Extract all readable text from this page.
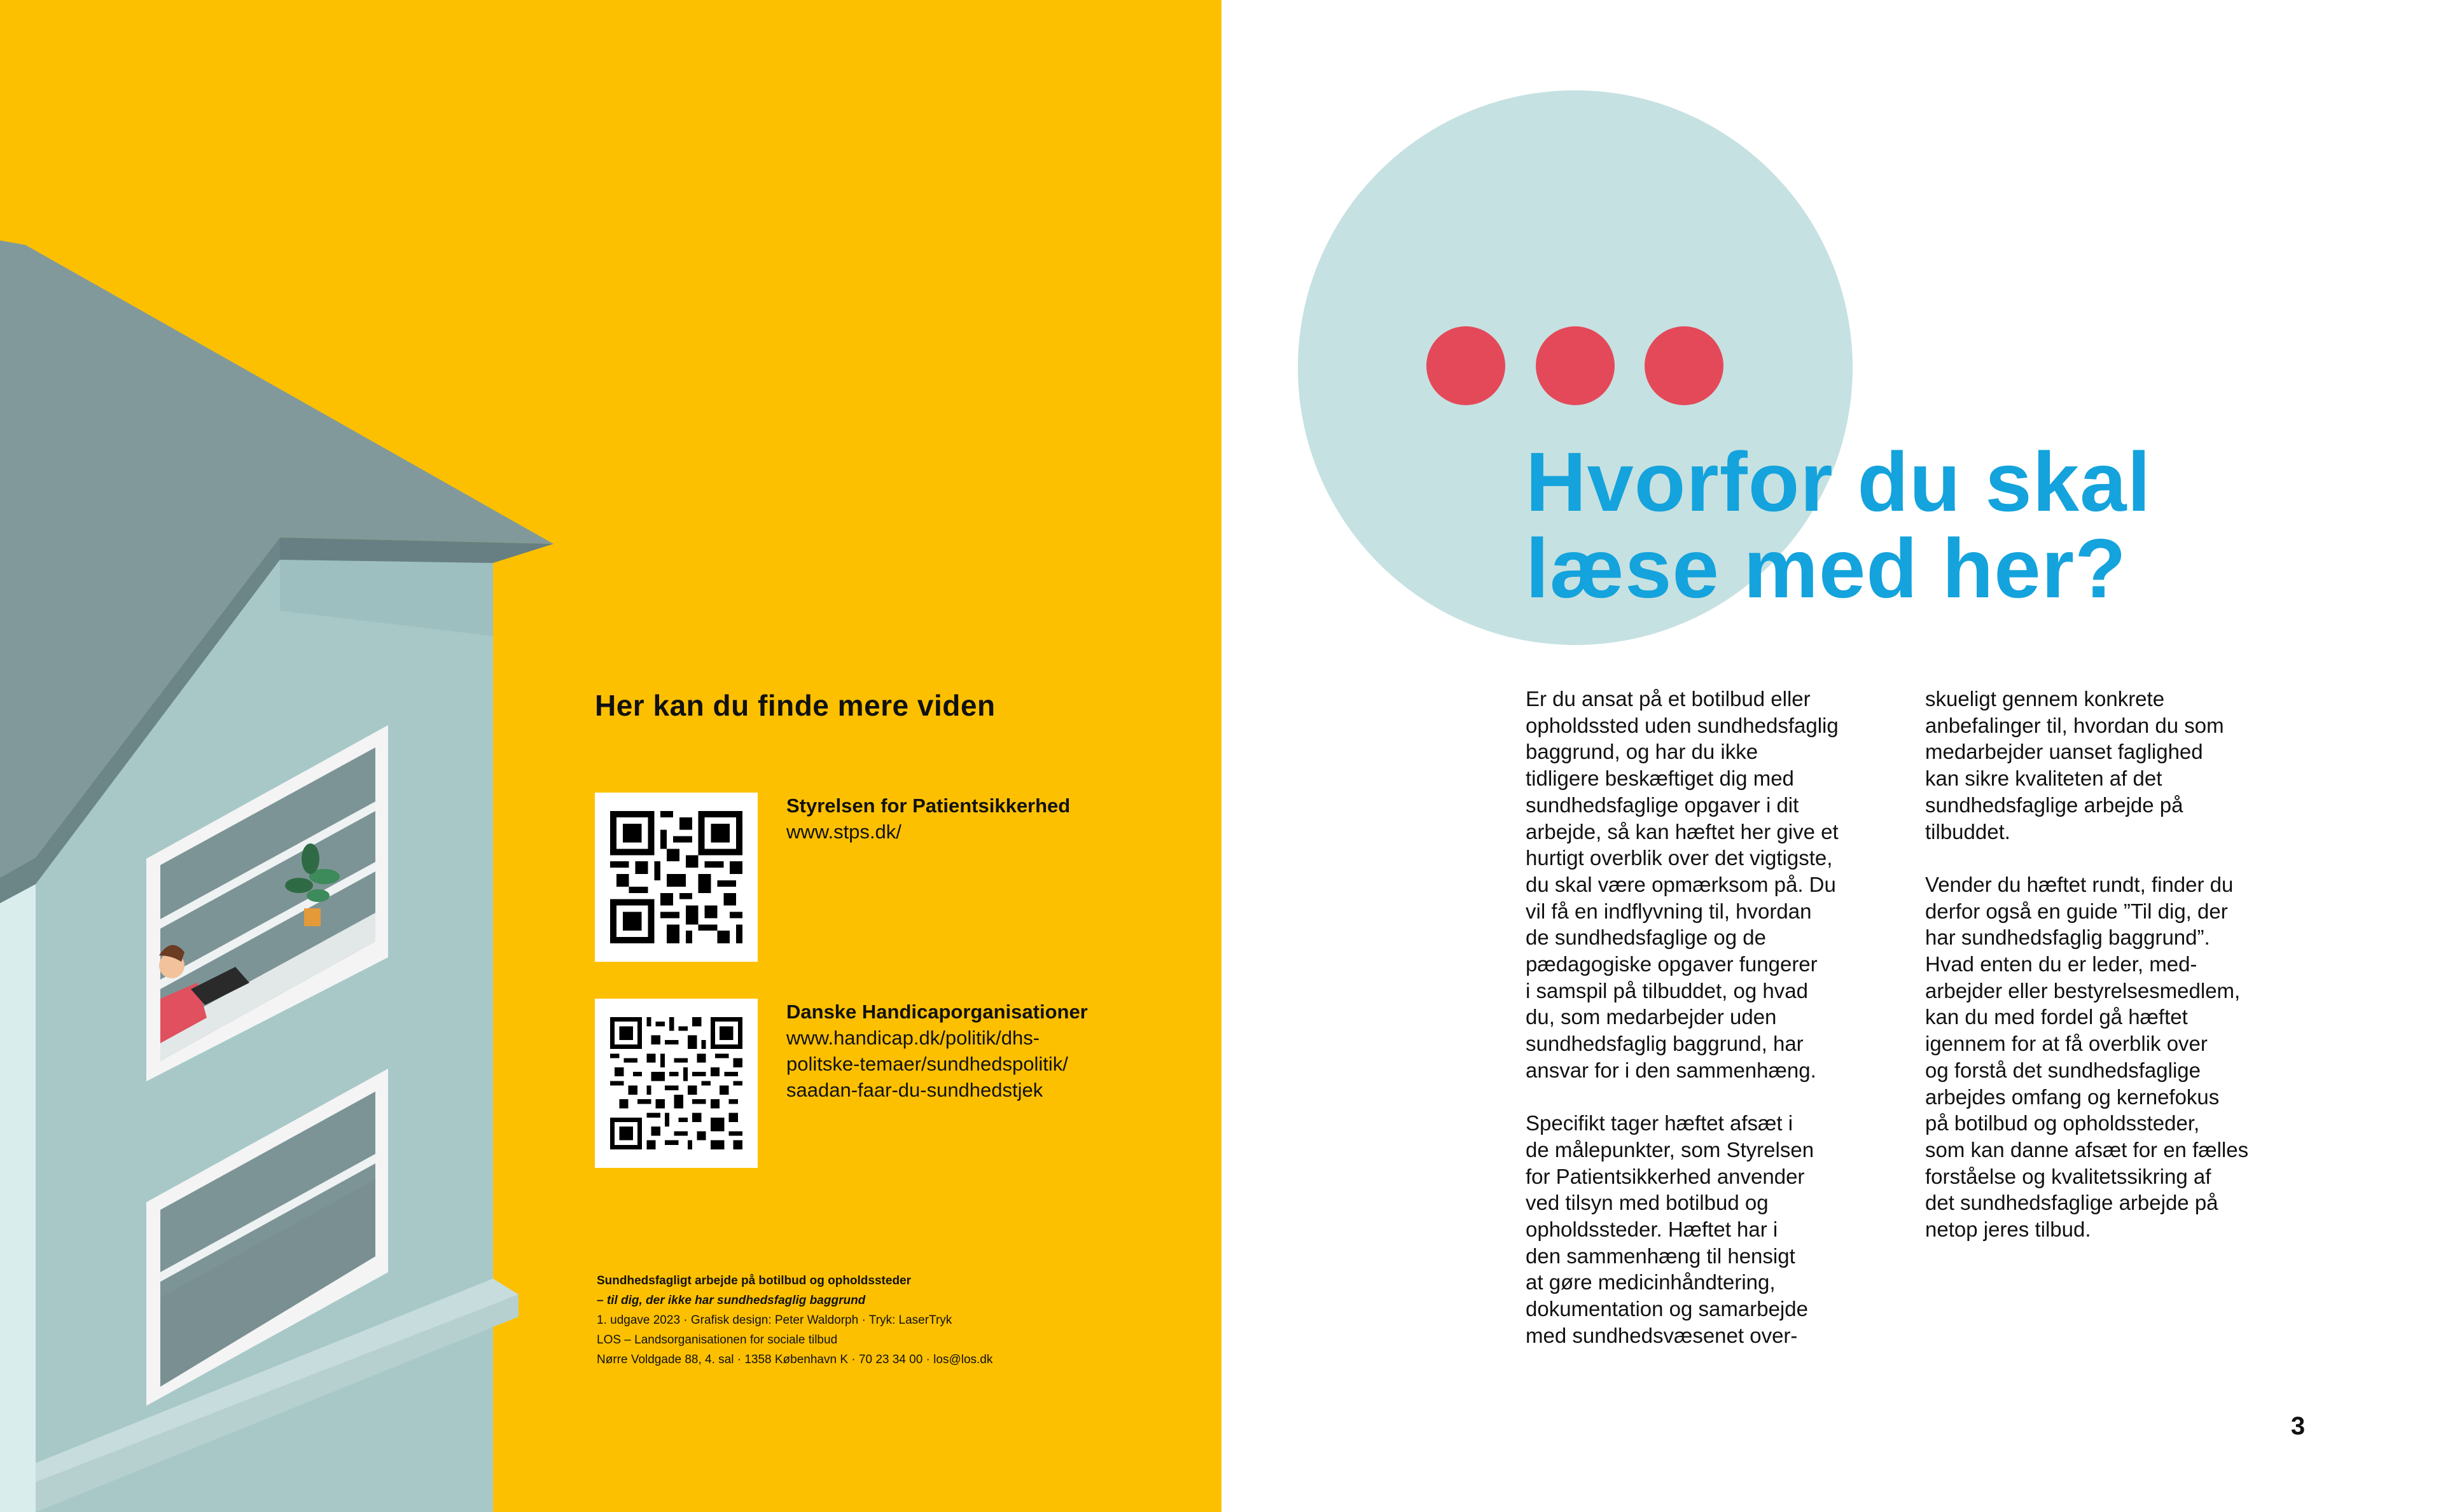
Her kan du finde mere viden
Styrelsen for Patientsikkerhed
www.stps.dk/
Danske Handicaporganisationer
www.handicap.dk/politik/dhs-
politske-temaer/sundhedspolitik/
saadan-faar-du-sundhedstjek
Sundhedsfagligt arbejde på botilbud og opholdssteder
– til dig, der ikke har sundhedsfaglig baggrund
1. udgave 2023 · Grafisk design: Peter Waldorph · Tryk: LaserTryk
LOS – Landsorganisationen for sociale tilbud
Nørre Voldgade 88, 4. sal · 1358 København K · 70 23 34 00 · los@los.dk
Hvorfor du skal
læse med her?

Er du ansat på et botilbud eller
opholdssted uden sundhedsfaglig
baggrund, og har du ikke
tidligere beskæftiget dig med
sundhedsfaglige opgaver i dit
arbejde, så kan hæftet her give et
hurtigt overblik over det vigtigste,
du skal være opmærksom på. Du
vil få en indflyvning til, hvordan
de sundhedsfaglige og de
pædagogiske opgaver fungerer
i samspil på tilbuddet, og hvad
du, som medarbejder uden
sundhedsfaglig baggrund, har
ansvar for i den sammenhæng.

Specifikt tager hæftet afsæt i
de målepunkter, som Styrelsen
for Patientsikkerhed anvender
ved tilsyn med botilbud og
opholdssteder. Hæftet har i
den sammenhæng til hensigt
at gøre medicinhåndtering,
dokumentation og samarbejde
med sundhedsvæsenet over-

skueligt gennem konkrete
anbefalinger til, hvordan du som
medarbejder uanset faglighed
kan sikre kvaliteten af det
sundhedsfaglige arbejde på
tilbuddet.

Vender du hæftet rundt, finder du
derfor også en guide ”Til dig, der
har sundhedsfaglig baggrund”.
Hvad enten du er leder, med-
arbejder eller bestyrelsesmedlem,
kan du med fordel gå hæftet
igennem for at få overblik over
og forstå det sundhedsfaglige
arbejdes omfang og kernefokus
på botilbud og opholdssteder,
som kan danne afsæt for en fælles
forståelse og kvalitetssikring af
det sundhedsfaglige arbejde på
netop jeres tilbud.

3
